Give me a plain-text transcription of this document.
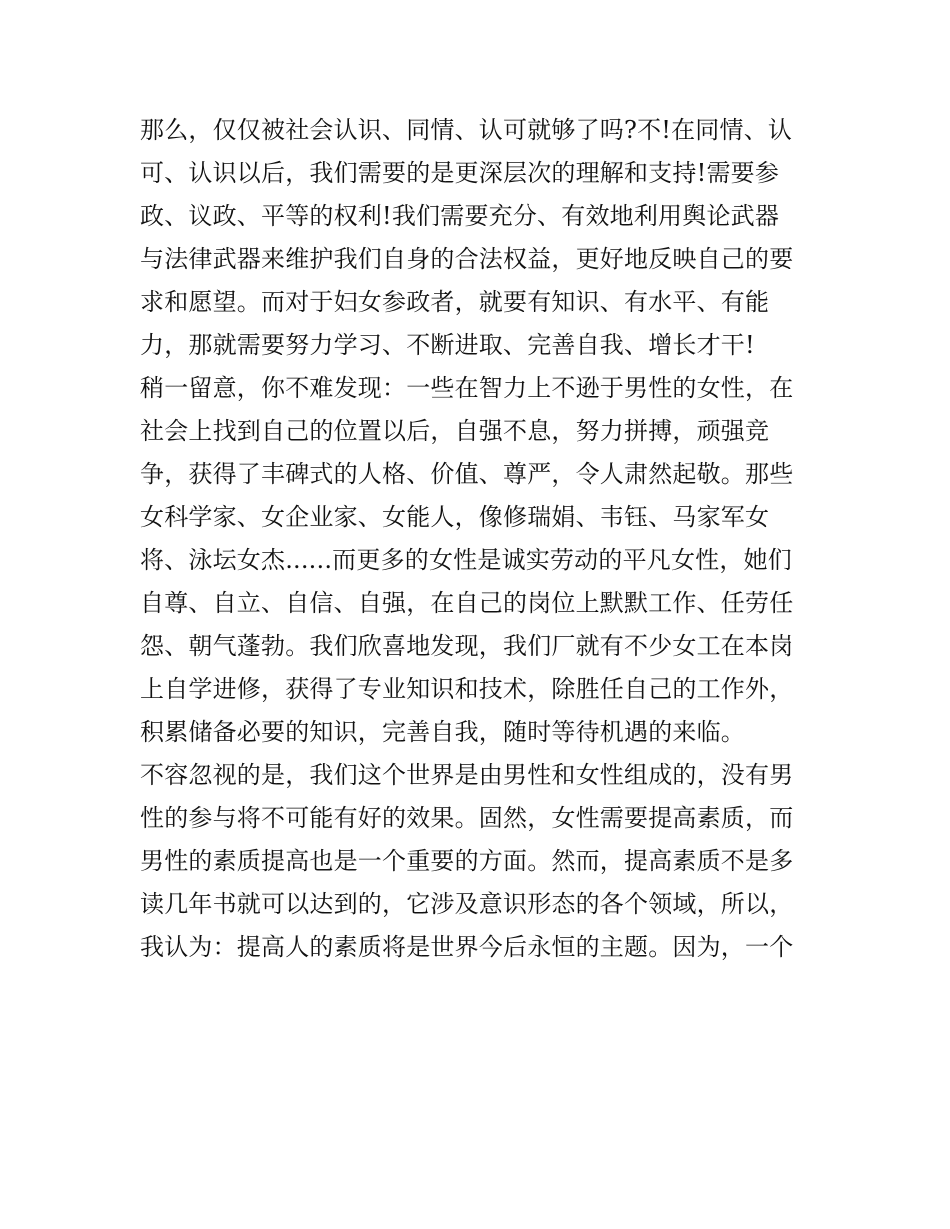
那么，仅仅被社会认识、同情、认可就够了吗?不!在同情、认
可、认识以后，我们需要的是更深层次的理解和支持!需要参
政、议政、平等的权利!我们需要充分、有效地利用舆论武器
与法律武器来维护我们自身的合法权益，更好地反映自己的要
求和愿望。而对于妇女参政者，就要有知识、有水平、有能
力，那就需要努力学习、不断进取、完善自我、增长才干!
稍一留意，你不难发现：一些在智力上不逊于男性的女性，在
社会上找到自己的位置以后，自强不息，努力拼搏，顽强竞
争，获得了丰碑式的人格、价值、尊严，令人肃然起敬。那些
女科学家、女企业家、女能人，像修瑞娟、韦钰、马家军女
将、泳坛女杰......而更多的女性是诚实劳动的平凡女性，她们
自尊、自立、自信、自强，在自己的岗位上默默工作、任劳任
怨、朝气蓬勃。我们欣喜地发现，我们厂就有不少女工在本岗
上自学进修，获得了专业知识和技术，除胜任自己的工作外，
积累储备必要的知识，完善自我，随时等待机遇的来临。
不容忽视的是，我们这个世界是由男性和女性组成的，没有男
性的参与将不可能有好的效果。固然，女性需要提高素质，而
男性的素质提高也是一个重要的方面。然而，提高素质不是多
读几年书就可以达到的，它涉及意识形态的各个领域，所以，
我认为：提高人的素质将是世界今后永恒的主题。因为，一个
